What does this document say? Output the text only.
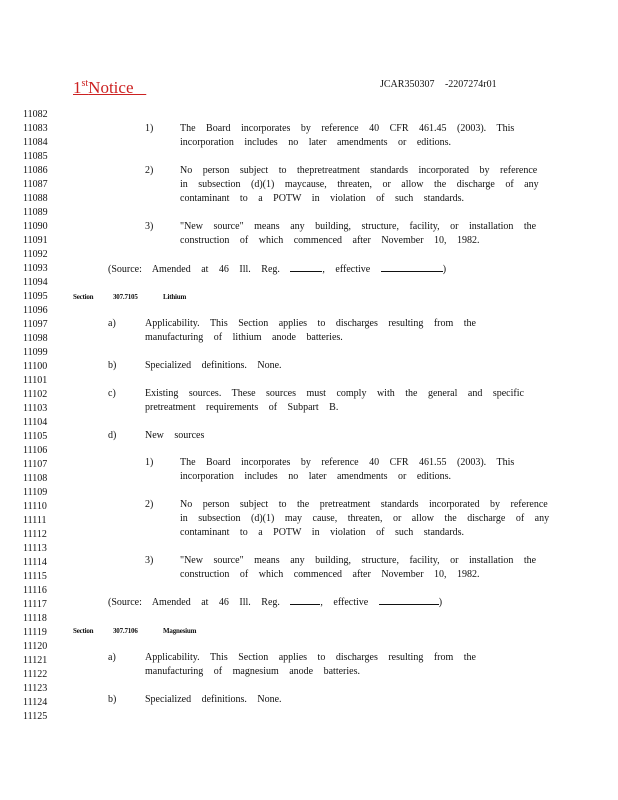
1stNotice	JCAR350307 -2207274r01
11082
11083
11084
11085
11086
11087
11088
11089
11090
11091
11092
11093
11094
11095
11096
11097
11098
11099
11100
11101
11102
11103
11104
11105
11106
11107
11108
11109
11110
11111
11112
11113
11114
11115
11116
11117
11118
11119
11120
11121
11122
11123
11124
11125
1)	The Board incorporates by reference 40 CFR 461.45 (2003). This
incorporation includes no later amendments or editions.
2)	No person subject to thepretreatment standards incorporated by reference
in subsection (d)(1) maycause, threaten, or allow the discharge of any
contaminant to a POTW in violation of such standards.
3)	"New source" means any building, structure, facility, or installation the
construction of which commenced after November 10, 1982.
(Source: Amended at 46 Ill. Reg.	, effective	)
Section	307.7105	Lithium
a)	Applicability. This Section applies to discharges resulting from the
manufacturing of lithium anode batteries.
b)	Specialized definitions. None.
c)	Existing sources. These sources must comply with the general and specific
pretreatment requirements of Subpart B.
d)	New sources
1)	The Board incorporates by reference 40 CFR 461.55 (2003). This
incorporation includes no later amendments or editions.
2)	No person subject to the pretreatment standards incorporated by reference
in subsection (d)(1) may cause, threaten, or allow the discharge of any
contaminant to a POTW in violation of such standards.
3)	"New source" means any building, structure, facility, or installation the
construction of which commenced after November 10, 1982.
(Source: Amended at 46 Ill. Reg.	, effective	)
Section	307.7106	Magnesium
a)	Applicability. This Section applies to discharges resulting from the
manufacturing of magnesium anode batteries.
b)	Specialized definitions. None.
